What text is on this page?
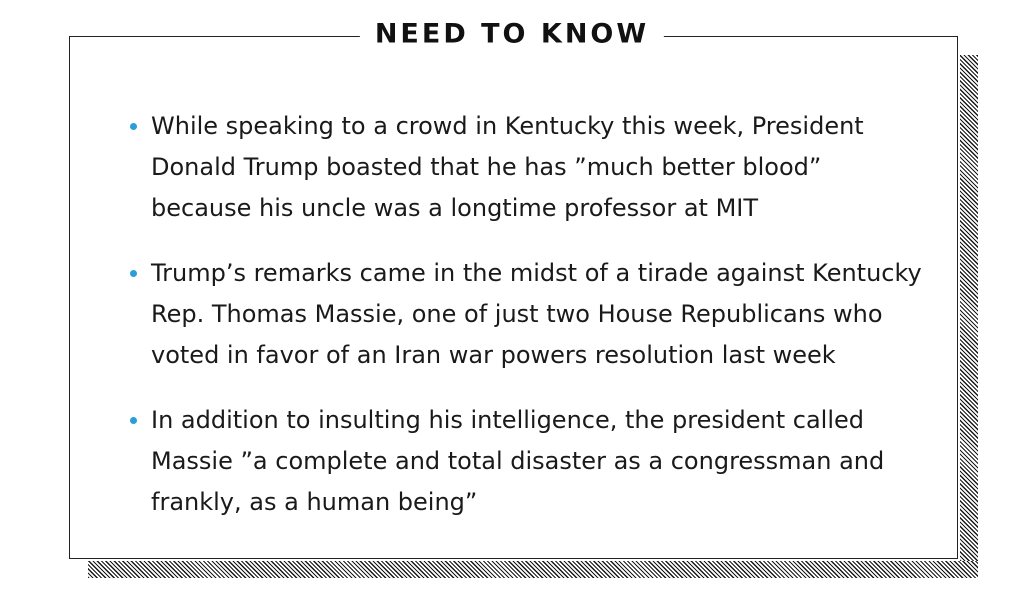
NEED TO KNOW
While speaking to a crowd in Kentucky this week, President Donald Trump boasted that he has ”much better blood” because his uncle was a longtime professor at MIT
Trump’s remarks came in the midst of a tirade against Kentucky Rep. Thomas Massie, one of just two House Republicans who voted in favor of an Iran war powers resolution last week
In addition to insulting his intelligence, the president called Massie ”a complete and total disaster as a congressman and frankly, as a human being”
